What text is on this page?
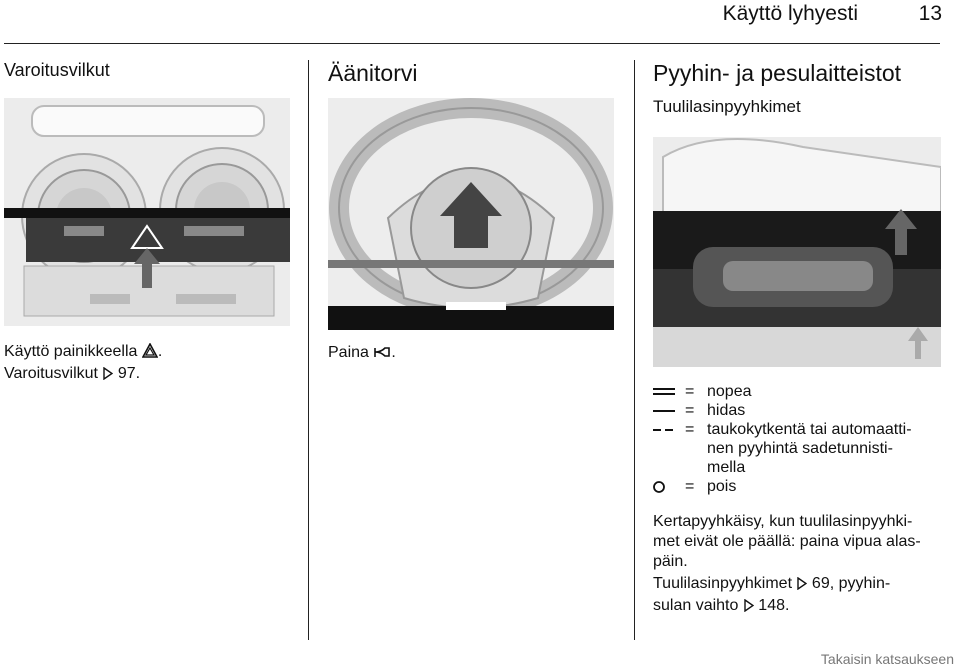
Käyttö lyhyesti	13
Varoitusvilkut

Käyttö painikkeella .
Varoitusvilkut 97.

Äänitorvi

Paina .

Pyyhin- ja pesulaitteistot
Tuulilasinpyyhkimet
= nopea
= hidas
= taukokytkentä tai automaatti-
nen pyyhintä sadetunnisti-
mella
= pois

Kertapyyhkäisy, kun tuulilasinpyyhki-
met eivät ole päällä: paina vipua alas-
päin.

Tuulilasinpyyhkimet 69, pyyhin-
sulan vaihto 148.

Takaisin katsaukseen
